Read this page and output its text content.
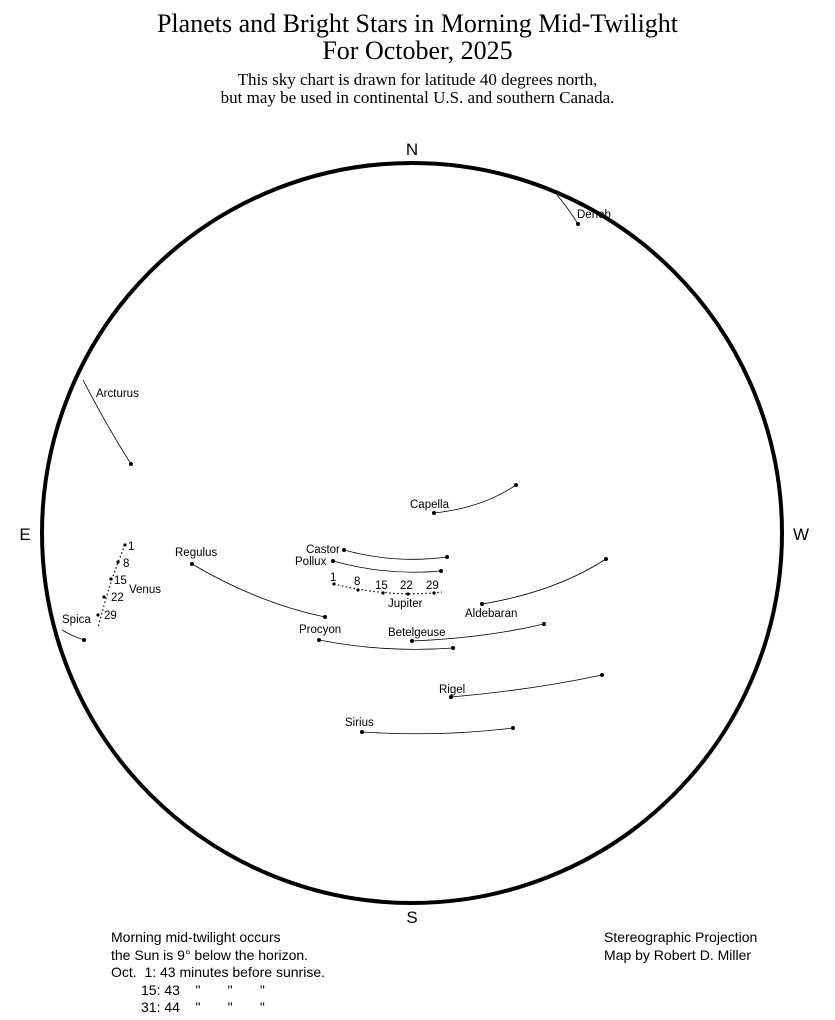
Planets and Bright Stars in Morning Mid-Twilight
For October, 2025
This sky chart is drawn for latitude 40 degrees north,
but may be used in continental U.S. and southern Canada.
N
S
E	W
Deneb
Arcturus
Capella
Castor
Pollux
Regulus
Aldebaran
Procyon	Betelgeuse
Rigel
Spica
Sirius
1
8
15
22
29
Venus
1 8 15 22 29
Jupiter
Morning mid-twilight occurs
the Sun is 9° below the horizon.
Oct.  1: 43 minutes before sunrise.
15: 43    "       "       "
31: 44    "       "       "
Stereographic Projection
Map by Robert D. Miller
